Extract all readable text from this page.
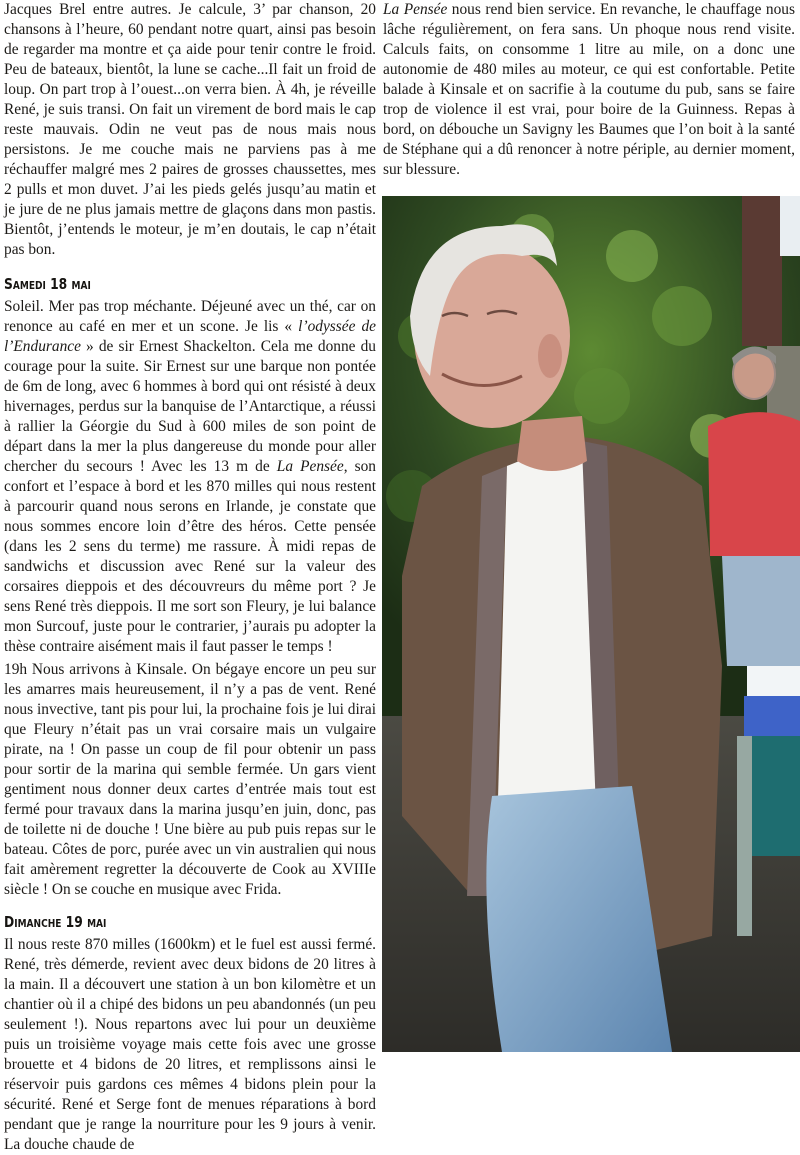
Jacques Brel entre autres. Je calcule, 3’ par chanson, 20 chansons à l’heure, 60 pendant notre quart, ainsi pas besoin de regarder ma montre et ça aide pour tenir contre le froid. Peu de bateaux, bientôt, la lune se cache...Il fait un froid de loup. On part trop à l’ouest...on verra bien. À 4h, je réveille René, je suis transi. On fait un virement de bord mais le cap reste mauvais. Odin ne veut pas de nous mais nous persistons. Je me couche mais ne parviens pas à me réchauffer malgré mes 2 paires de grosses chaussettes, mes 2 pulls et mon duvet. J’ai les pieds gelés jusqu’au matin et je jure de ne plus jamais mettre de glaçons dans mon pastis. Bientôt, j’entends le moteur, je m’en doutais, le cap n’était pas bon.

Samedi 18 mai

Soleil. Mer pas trop méchante. Déjeuné avec un thé, car on renonce au café en mer et un scone. Je lis « l’odyssée de l’Endurance » de sir Ernest Shackelton. Cela me donne du courage pour la suite. Sir Ernest sur une barque non pontée de 6m de long, avec 6 hommes à bord qui ont résisté à deux hivernages, perdus sur la banquise de l’Antarctique, a réussi à rallier la Géorgie du Sud à 600 miles de son point de départ dans la mer la plus dangereuse du monde pour aller chercher du secours ! Avec les 13 m de La Pensée, son confort et l’espace à bord et les 870 milles qui nous restent à parcourir quand nous serons en Irlande, je constate que nous sommes encore loin d’être des héros. Cette pensée (dans les 2 sens du terme) me rassure. À midi repas de sandwichs et discussion avec René sur la valeur des corsaires dieppois et des découvreurs du même port ? Je sens René très dieppois. Il me sort son Fleury, je lui balance mon Surcouf, juste pour le contrarier, j’aurais pu adopter la thèse contraire aisément mais il faut passer le temps !

19h Nous arrivons à Kinsale. On bégaye encore un peu sur les amarres mais heureusement, il n’y a pas de vent. René nous invective, tant pis pour lui, la prochaine fois je lui dirai que Fleury n’était pas un vrai corsaire mais un vulgaire pirate, na ! On passe un coup de fil pour obtenir un pass pour sortir de la marina qui semble fermée. Un gars vient gentiment nous donner deux cartes d’entrée mais tout est fermé pour travaux dans la marina jusqu’en juin, donc, pas de toilette ni de douche ! Une bière au pub puis repas sur le bateau. Côtes de porc, purée avec un vin australien qui nous fait amèrement regretter la découverte de Cook au XVIIIe siècle ! On se couche en musique avec Frida.

Dimanche 19 mai

Il nous reste 870 milles (1600km) et le fuel est aussi fermé. René, très démerde, revient avec deux bidons de 20 litres à la main. Il a découvert une station à un bon kilomètre et un chantier où il a chipé des bidons un peu abandonnés (un peu seulement !). Nous repartons avec lui pour un deuxième puis un troisième voyage mais cette fois avec une grosse brouette et 4 bidons de 20 litres, et remplissons ainsi le réservoir puis gardons ces mêmes 4 bidons plein pour la sécurité. René et Serge font de menues réparations à bord pendant que je range la nourriture pour les 9 jours à venir. La douche chaude de

La Pensée nous rend bien service. En revanche, le chauffage nous lâche régulièrement, on fera sans. Un phoque nous rend visite. Calculs faits, on consomme 1 litre au mile, on a donc une autonomie de 480 miles au moteur, ce qui est confortable. Petite balade à Kinsale et on sacrifie à la coutume du pub, sans se faire trop de violence il est vrai, pour boire de la Guinness. Repas à bord, on débouche un Savigny les Baumes que l’on boit à la santé de Stéphane qui a dû renoncer à notre périple, au dernier moment, sur blessure.
